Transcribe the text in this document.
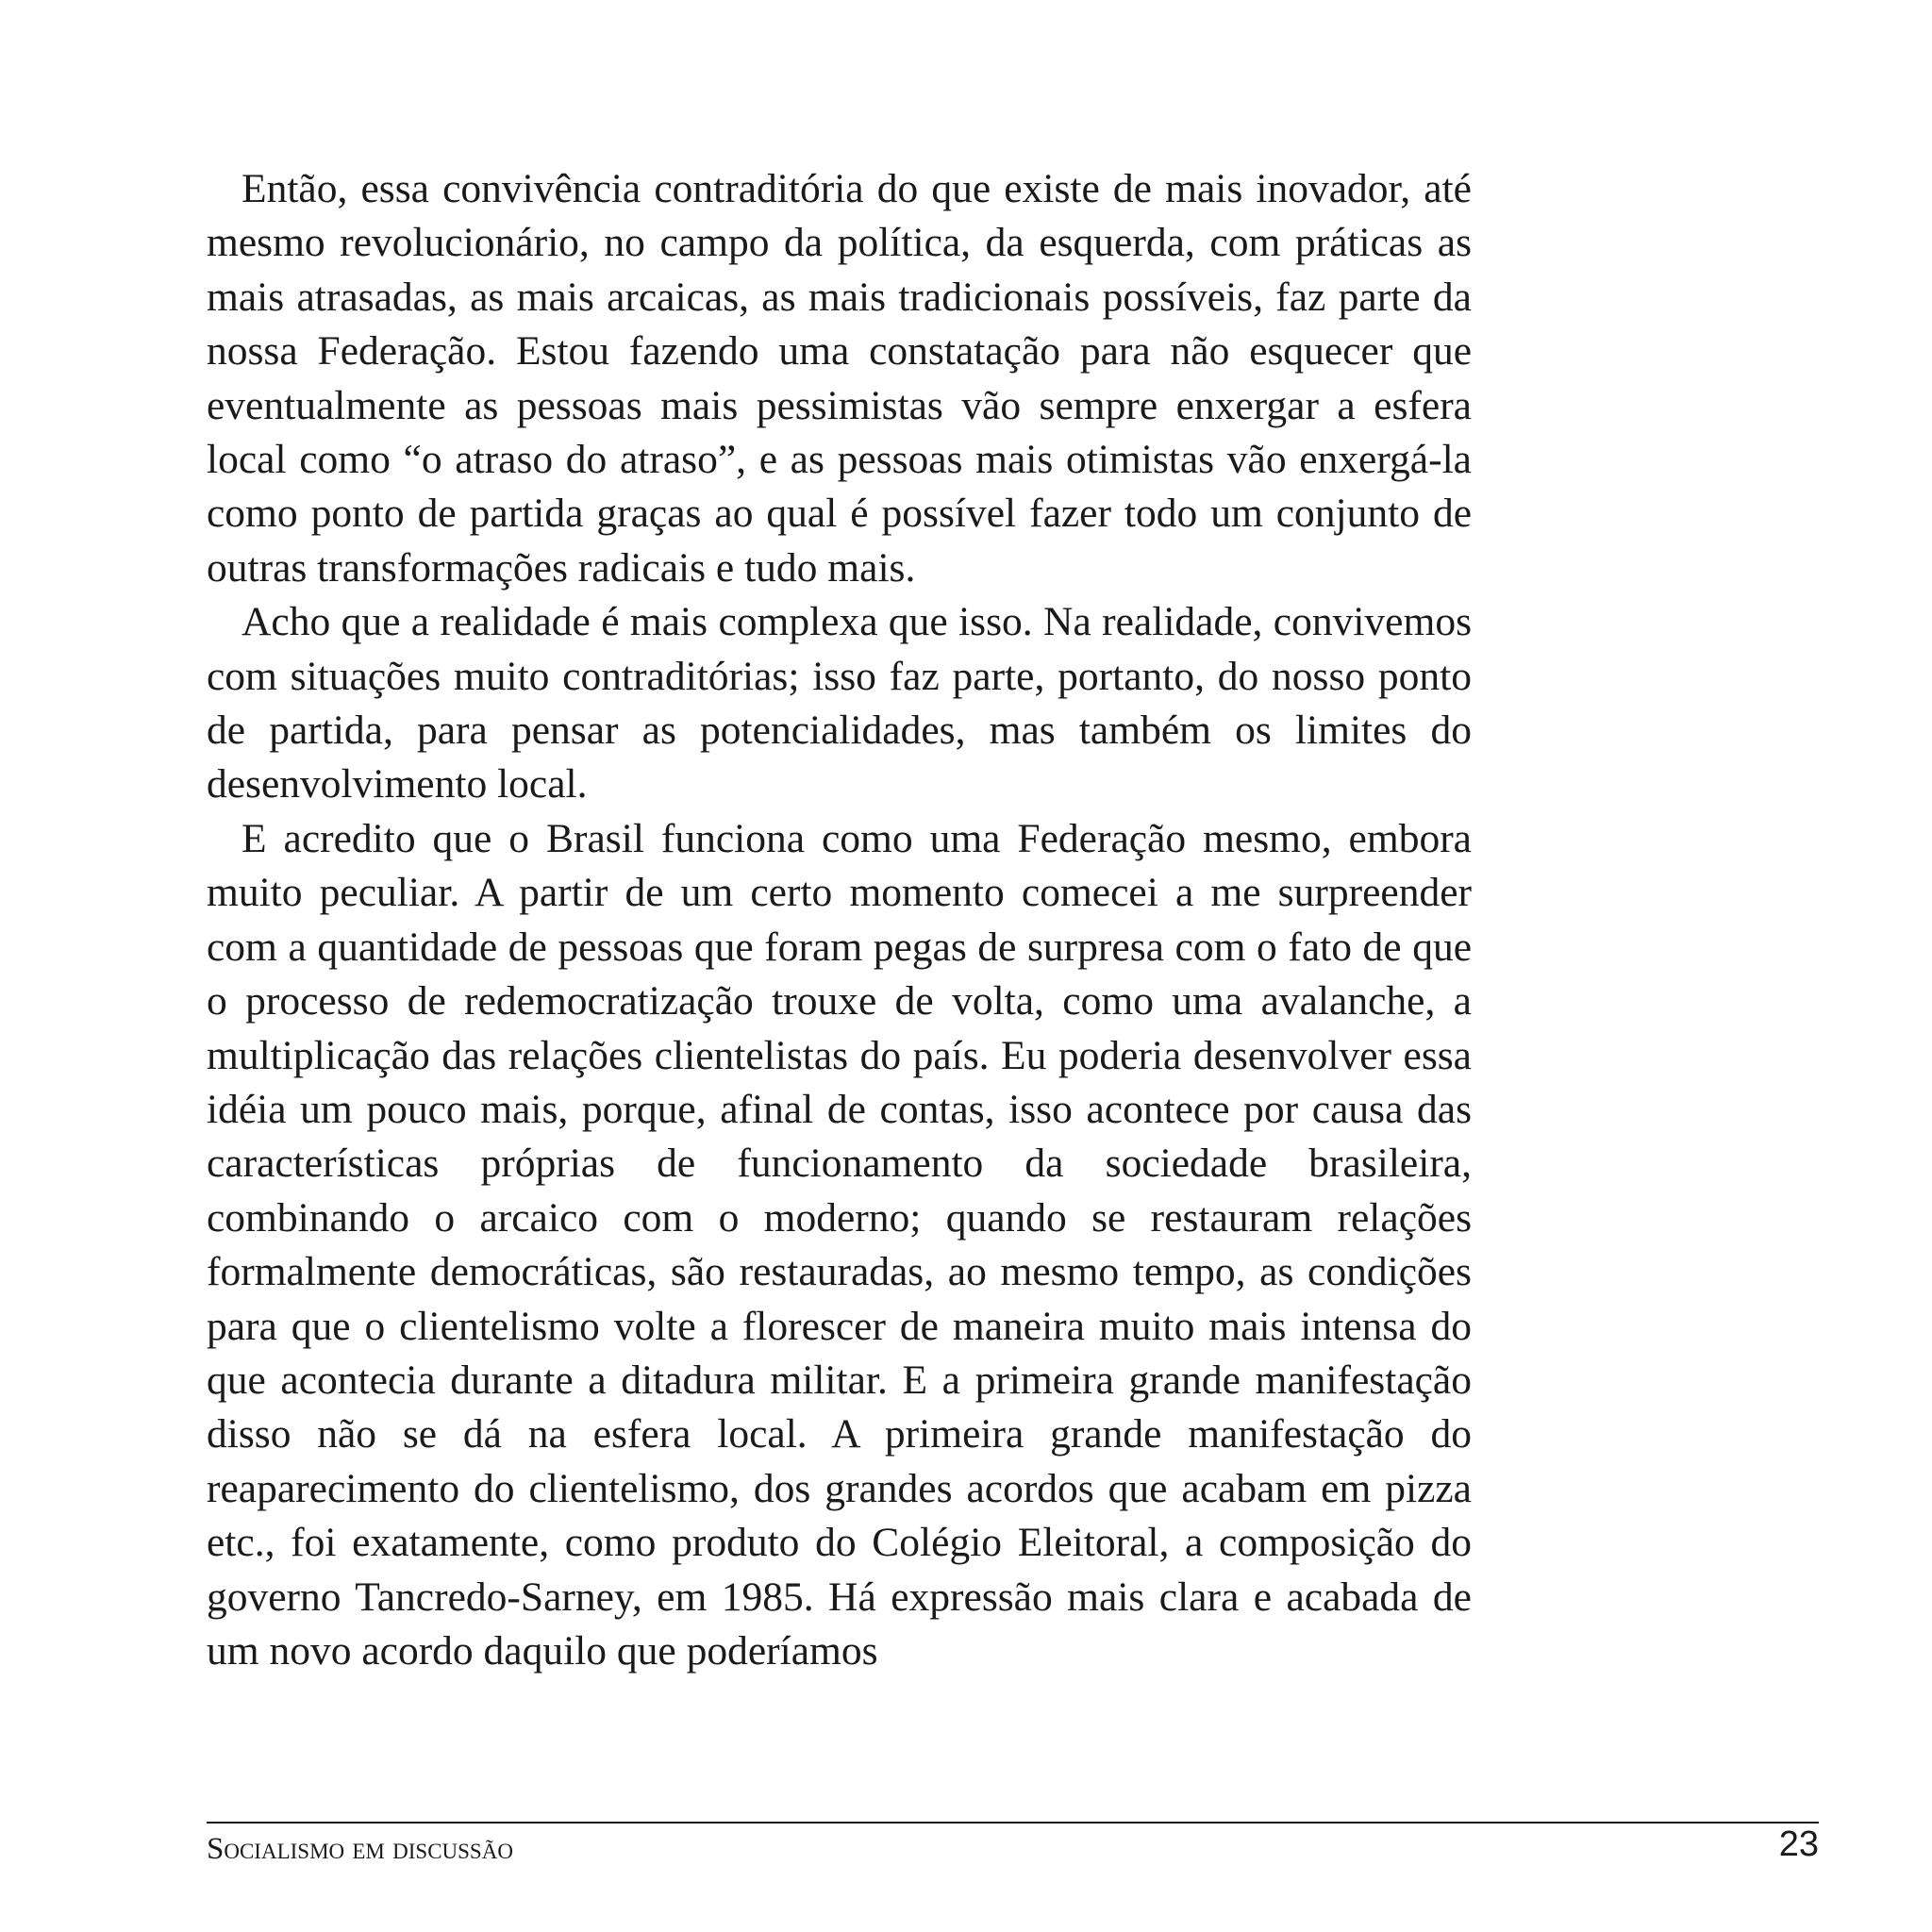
Então, essa convivência contraditória do que existe de mais inovador, até mesmo revolucionário, no campo da política, da esquerda, com práticas as mais atrasadas, as mais arcaicas, as mais tradicionais possíveis, faz parte da nossa Federação. Estou fazendo uma constatação para não esquecer que eventualmente as pessoas mais pessimistas vão sempre enxergar a esfera local como “o atraso do atraso”, e as pessoas mais otimistas vão enxergá-la como ponto de partida graças ao qual é possível fazer todo um conjunto de outras transformações radicais e tudo mais.

Acho que a realidade é mais complexa que isso. Na realidade, convivemos com situações muito contraditórias; isso faz parte, portanto, do nosso ponto de partida, para pensar as potencialidades, mas também os limites do desenvolvimento local.

E acredito que o Brasil funciona como uma Federação mesmo, embora muito peculiar. A partir de um certo momento comecei a me surpreender com a quantidade de pessoas que foram pegas de surpresa com o fato de que o processo de redemocratização trouxe de volta, como uma avalanche, a multiplicação das relações clientelistas do país. Eu poderia desenvolver essa idéia um pouco mais, porque, afinal de contas, isso acontece por causa das características próprias de funcionamento da sociedade brasileira, combinando o arcaico com o moderno; quando se restauram relações formalmente democráticas, são restauradas, ao mesmo tempo, as condições para que o clientelismo volte a florescer de maneira muito mais intensa do que acontecia durante a ditadura militar. E a primeira grande manifestação disso não se dá na esfera local. A primeira grande manifestação do reaparecimento do clientelismo, dos grandes acordos que acabam em pizza etc., foi exatamente, como produto do Colégio Eleitoral, a composição do governo Tancredo-Sarney, em 1985. Há expressão mais clara e acabada de um novo acordo daquilo que poderíamos

Socialismo em discussão	23
